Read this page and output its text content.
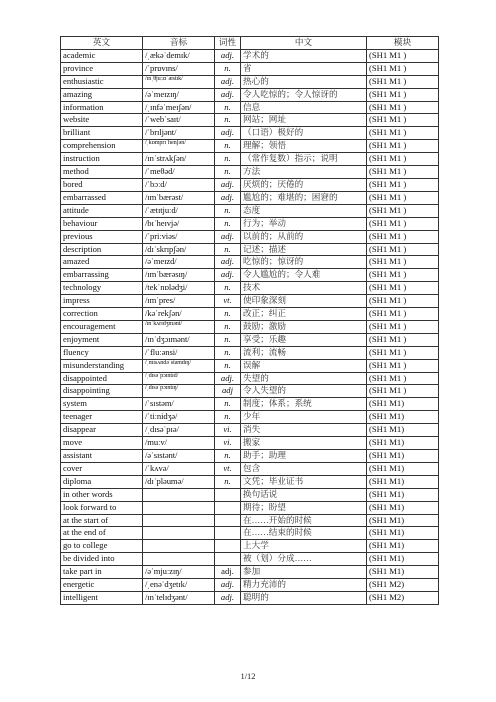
英文	音标	词性	中文	模块
academic	/ˌækəˈdemɪk/	adj.	学术的	(SH1 M1 )
province	/ˈprɒvɪns/	n.	省	(SH1 M1 )
enthusiastic	/ɪnˌθjuːzɪˈæstɪk/	adj.	热心的	(SH1 M1 )
amazing	/əˈmeɪzɪŋ/	adj.	令人吃惊的；令人惊讶的	(SH1 M1 )
information	/ˌɪnfəˈmeɪʃən/	n.	信息	(SH1 M1 )
website	/ˈwebˈsaɪt/	n.	网站；网址	(SH1 M1 )
brilliant	/ˈbrɪljənt/	adj.	（口语）极好的	(SH1 M1 )
comprehension	/ˌkɒmprɪˈhenʃən/	n.	理解；领悟	(SH1 M1 )
instruction	/ɪnˈstrʌkʃən/	n.	（常作复数）指示；说明	(SH1 M1 )
method	/ˈmeθəd/	n.	方法	(SH1 M1 )
bored	/ˈbɔːd/	adj.	厌烦的；厌倦的	(SH1 M1 )
embarrassed	/ɪmˈbærəst/	adj.	尴尬的；难堪的；困窘的	(SH1 M1 )
attitude	/ˈætɪtjuːd/	n.	态度	(SH1 M1 )
behaviour	/bɪˈheɪvjə/	n.	行为；举动	(SH1 M1 )
previous	/ˈpriːviəs/	adj.	以前的；从前的	(SH1 M1 )
description	/dɪˈskrɪpʃən/	n.	记述；描述	(SH1 M1 )
amazed	/əˈmeɪzd/	adj.	吃惊的；惊讶的	(SH1 M1 )
embarrassing	/ɪmˈbærəsɪŋ/	adj.	令人尴尬的；令人难	(SH1 M1 )
technology	/tekˈnɒlədʒi/	n.	技术	(SH1 M1 )
impress	/ɪmˈpres/	vt.	使印象深刻	(SH1 M1 )
correction	/kəˈrekʃən/	n.	改正；纠正	(SH1 M1 )
encouragement	/ɪnˈkʌrɪdʒmənt/	n.	鼓励；激励	(SH1 M1 )
enjoyment	/ɪnˈdʒɔɪmənt/	n.	享受；乐趣	(SH1 M1 )
fluency	/ˈfluːənsi/	n.	流利；流畅	(SH1 M1 )
misunderstanding	/ˌmɪsʌndəˈstændɪŋ/	n.	误解	(SH1 M1 )
disappointed	/ˌdɪsəˈpɔɪntɪd/	adj.	失望的	(SH1 M1 )
disappointing	/ˌdɪsəˈpɔɪntɪŋ/	adj	令人失望的	(SH1 M1 )
system	/ˈsɪstəm/	n.	制度；体系；系统	(SH1 M1)
teenager	/ˈtiːnidʒə/	n.	少年	(SH1 M1)
disappear	/ˌdɪsəˈpɪə/	vi.	消失	(SH1 M1)
move	/muːv/	vi.	搬家	(SH1 M1)
assistant	/əˈsɪstənt/	n.	助手；助理	(SH1 M1)
cover	/ˈkʌvə/	vt.	包含	(SH1 M1)
diploma	/dɪˈpləumə/	n.	文凭；毕业证书	(SH1 M1)
in other words			换句话说	(SH1 M1)
look forward to			期待；盼望	(SH1 M1)
at the start of			在……开始的时候	(SH1 M1)
at the end of			在……结束的时候	(SH1 M1)
go to college			上大学	(SH1 M1)
be divided into			被（划）分成……	(SH1 M1)
take part in	/əˈmjuːzɪŋ/	adj.	参加	(SH1 M1)
energetic	/ˌenəˈdʒetɪk/	adj.	精力充沛的	(SH1 M2)
intelligent	/ɪnˈtelɪdʒənt/	adj.	聪明的	(SH1 M2)
1/12
